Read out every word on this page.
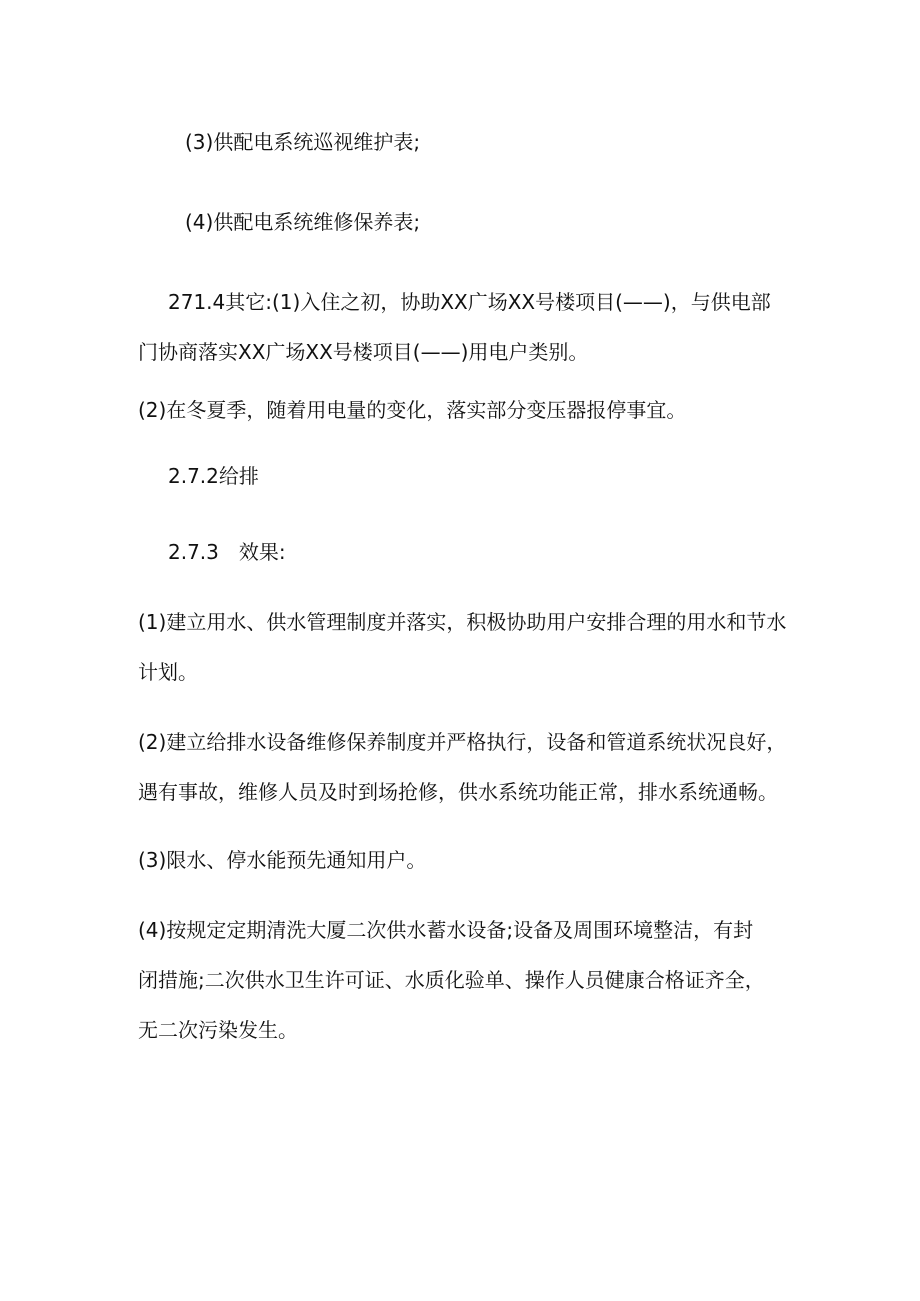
(3)供配电系统巡视维护表;
(4)供配电系统维修保养表;
271.4其它:(1)入住之初，协助XX广场XX号楼项目(——)，与供电部
门协商落实XX广场XX号楼项目(——)用电户类别。
(2)在冬夏季，随着用电量的变化，落实部分变压器报停事宜。
2.7.2给排
2.7.3　效果:
(1)建立用水、供水管理制度并落实，积极协助用户安排合理的用水和节水
计划。
(2)建立给排水设备维修保养制度并严格执行，设备和管道系统状况良好，
遇有事故，维修人员及时到场抢修，供水系统功能正常，排水系统通畅。
(3)限水、停水能预先通知用户。
(4)按规定定期清洗大厦二次供水蓄水设备;设备及周围环境整洁，有封
闭措施;二次供水卫生许可证、水质化验单、操作人员健康合格证齐全，
无二次污染发生。
